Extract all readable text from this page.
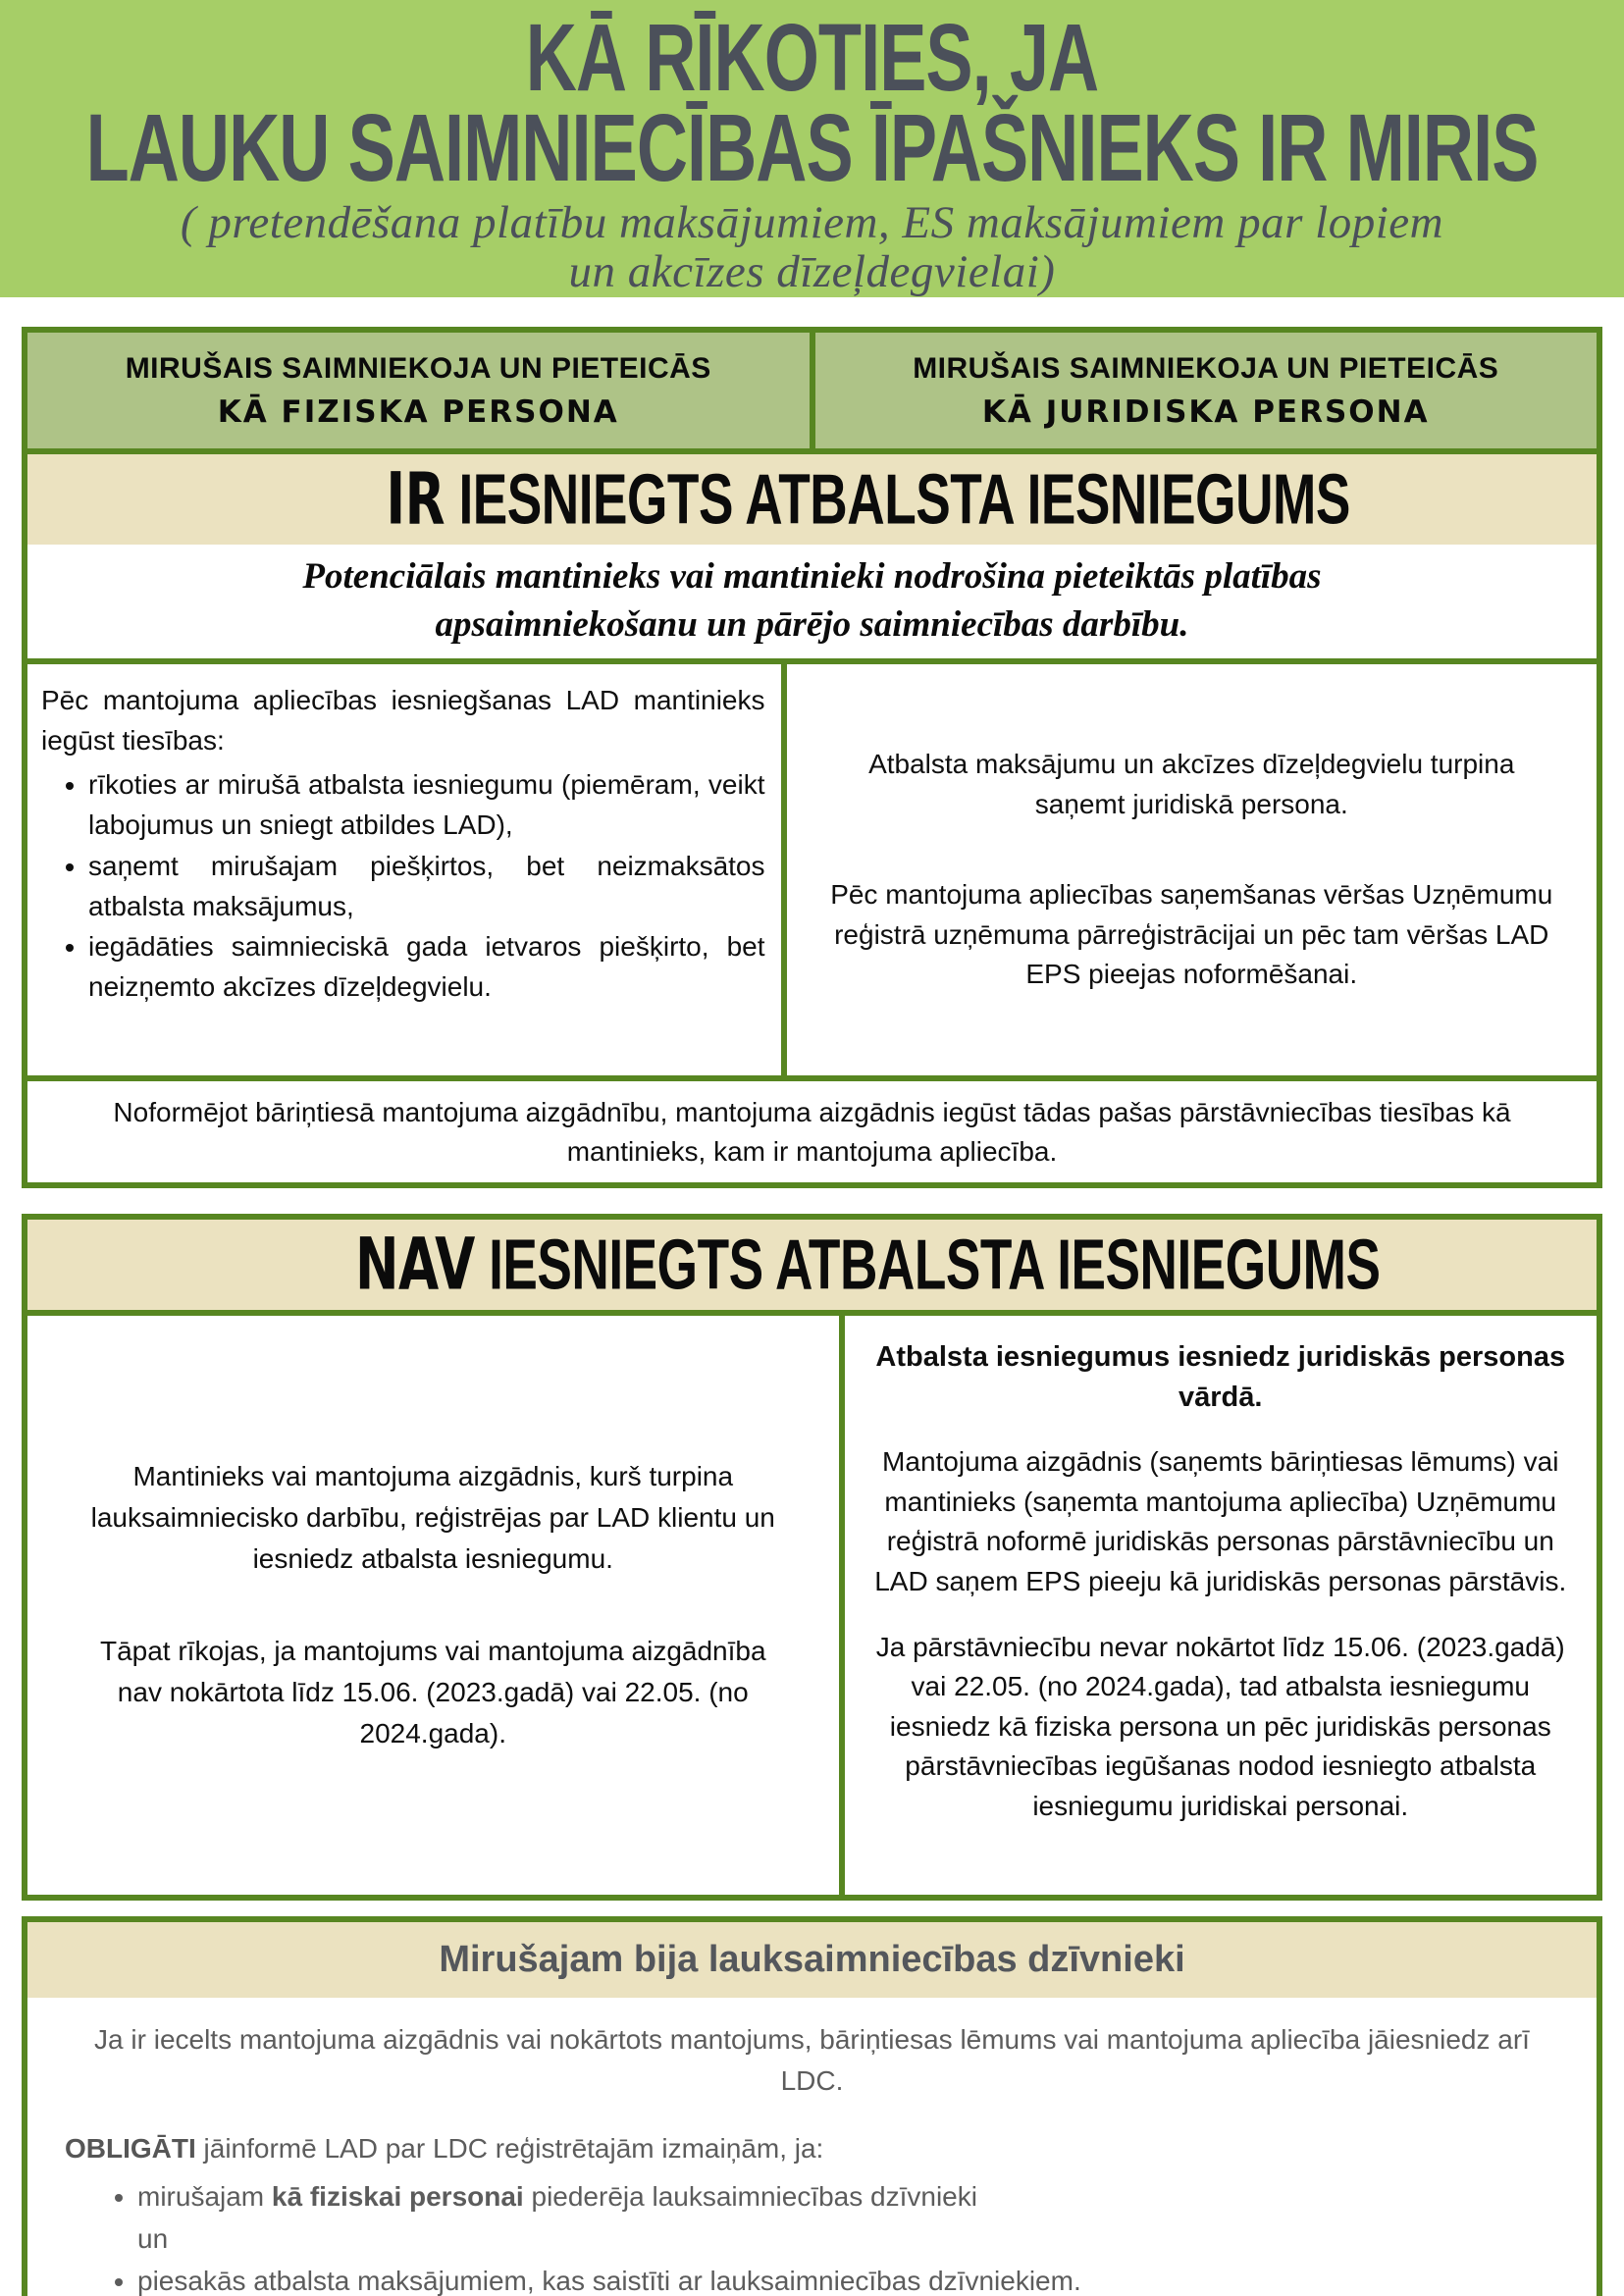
KĀ RĪKOTIES, JA
LAUKU SAIMNIECĪBAS ĪPAŠNIEKS IR MIRIS
( pretendēšana platību maksājumiem, ES maksājumiem par lopiem
un akcīzes dīzeļdegvielai)
MIRUŠAIS SAIMNIEKOJA UN PIETEICĀS
KĀ FIZISKA PERSONA
MIRUŠAIS SAIMNIEKOJA UN PIETEICĀS
KĀ JURIDISKA PERSONA

IR IESNIEGTS ATBALSTA IESNIEGUMS

Potenciālais mantinieks vai mantinieki nodrošina pieteiktās platības apsaimniekošanu un pārējo saimniecības darbību.

Pēc mantojuma apliecības iesniegšanas LAD mantinieks iegūst tiesības:

• rīkoties ar mirušā atbalsta iesniegumu (piemēram, veikt labojumus un sniegt atbildes LAD),
• saņemt mirušajam piešķirtos, bet neizmaksātos atbalsta maksājumus,
• iegādāties saimnieciskā gada ietvaros piešķirto, bet neizņemto akcīzes dīzeļdegvielu.

Atbalsta maksājumu un akcīzes dīzeļdegvielu turpina saņemt juridiskā persona.

Pēc mantojuma apliecības saņemšanas vēršas Uzņēmumu reģistrā uzņēmuma pārreģistrācijai un pēc tam vēršas LAD EPS pieejas noformēšanai.

Noformējot bāriņtiesā mantojuma aizgādnību, mantojuma aizgādnis iegūst tādas pašas pārstāvniecības tiesības kā mantinieks, kam ir mantojuma apliecība.

NAV IESNIEGTS ATBALSTA IESNIEGUMS

Mantinieks vai mantojuma aizgādnis, kurš turpina lauksaimniecisko darbību, reģistrējas par LAD klientu un iesniedz atbalsta iesniegumu.

Tāpat rīkojas, ja mantojums vai mantojuma aizgādnība nav nokārtota līdz 15.06. (2023.gadā) vai 22.05. (no 2024.gada).

Atbalsta iesniegumus iesniedz juridiskās personas vārdā.

Mantojuma aizgādnis (saņemts bāriņtiesas lēmums) vai mantinieks (saņemta mantojuma apliecība) Uzņēmumu reģistrā noformē juridiskās personas pārstāvniecību un LAD saņem EPS pieeju kā juridiskās personas pārstāvis.

Ja pārstāvniecību nevar nokārtot līdz 15.06. (2023.gadā) vai 22.05. (no 2024.gada), tad atbalsta iesniegumu iesniedz kā fiziska persona un pēc juridiskās personas pārstāvniecības iegūšanas nodod iesniegto atbalsta iesniegumu juridiskai personai.

Mirušajam bija lauksaimniecības dzīvnieki

Ja ir iecelts mantojuma aizgādnis vai nokārtots mantojums, bāriņtiesas lēmums vai mantojuma apliecība jāiesniedz arī LDC.

OBLIGĀTI jāinformē LAD par LDC reģistrētajām izmaiņām, ja:

• mirušajam kā fiziskai personai piederēja lauksaimniecības dzīvnieki
un
• piesakās atbalsta maksājumiem, kas saistīti ar lauksaimniecības dzīvniekiem.
